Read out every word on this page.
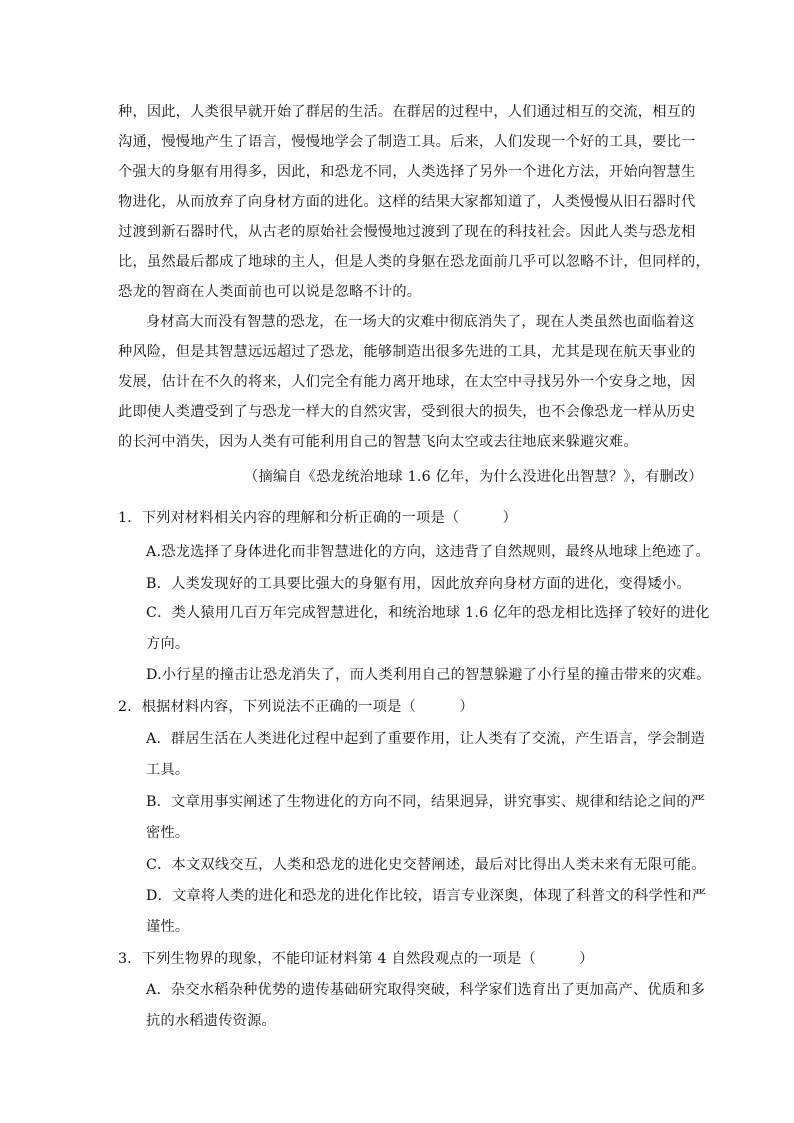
种，因此，人类很早就开始了群居的生活。在群居的过程中，人们通过相互的交流，相互的
沟通，慢慢地产生了语言，慢慢地学会了制造工具。后来，人们发现一个好的工具，要比一
个强大的身躯有用得多，因此，和恐龙不同，人类选择了另外一个进化方法，开始向智慧生
物进化，从而放弃了向身材方面的进化。这样的结果大家都知道了，人类慢慢从旧石器时代
过渡到新石器时代，从古老的原始社会慢慢地过渡到了现在的科技社会。因此人类与恐龙相
比，虽然最后都成了地球的主人，但是人类的身躯在恐龙面前几乎可以忽略不计，但同样的，
恐龙的智商在人类面前也可以说是忽略不计的。
身材高大而没有智慧的恐龙，在一场大的灾难中彻底消失了，现在人类虽然也面临着这
种风险，但是其智慧远远超过了恐龙，能够制造出很多先进的工具，尤其是现在航天事业的
发展，估计在不久的将来，人们完全有能力离开地球，在太空中寻找另外一个安身之地，因
此即使人类遭受到了与恐龙一样大的自然灾害，受到很大的损失，也不会像恐龙一样从历史
的长河中消失，因为人类有可能利用自己的智慧飞向太空或去往地底来躲避灾难。
（摘编自《恐龙统治地球 1.6 亿年，为什么没进化出智慧？》，有删改）
1．下列对材料相关内容的理解和分析正确的一项是（　　　）
A.恐龙选择了身体进化而非智慧进化的方向，这违背了自然规则，最终从地球上绝迹了。
B．人类发现好的工具要比强大的身躯有用，因此放弃向身材方面的进化，变得矮小。
C．类人猿用几百万年完成智慧进化，和统治地球 1.6 亿年的恐龙相比选择了较好的进化
方向。
D.小行星的撞击让恐龙消失了，而人类利用自己的智慧躲避了小行星的撞击带来的灾难。
2．根据材料内容，下列说法不正确的一项是（　　　）
A．群居生活在人类进化过程中起到了重要作用，让人类有了交流，产生语言，学会制造
工具。
B．文章用事实阐述了生物进化的方向不同，结果迥异，讲究事实、规律和结论之间的严
密性。
C．本文双线交互，人类和恐龙的进化史交替阐述，最后对比得出人类未来有无限可能。
D．文章将人类的进化和恐龙的进化作比较，语言专业深奥，体现了科普文的科学性和严
谨性。
3．下列生物界的现象，不能印证材料第 4 自然段观点的一项是（　　　）
A．杂交水稻杂种优势的遗传基础研究取得突破，科学家们选育出了更加高产、优质和多
抗的水稻遗传资源。
